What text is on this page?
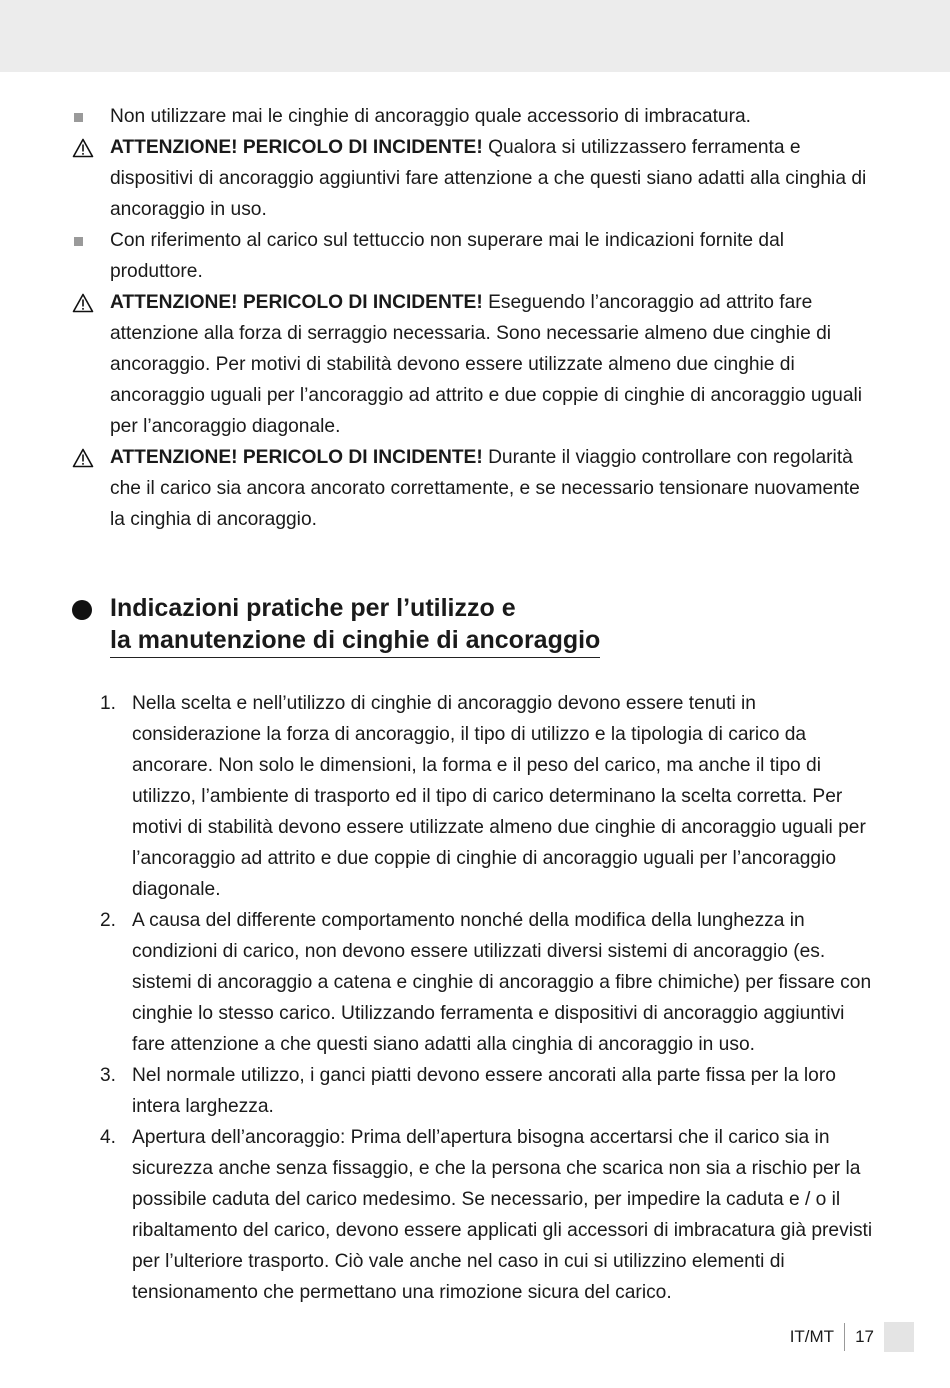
Non utilizzare mai le cinghie di ancoraggio quale accessorio di imbracatura.
ATTENZIONE! PERICOLO DI INCIDENTE! Qualora si utilizzassero ferramenta e dispositivi di ancoraggio aggiuntivi fare attenzione a che questi siano adatti alla cinghia di ancoraggio in uso.
Con riferimento al carico sul tettuccio non superare mai le indicazioni fornite dal produttore.
ATTENZIONE! PERICOLO DI INCIDENTE! Eseguendo l’ancoraggio ad attrito fare attenzione alla forza di serraggio necessaria. Sono necessarie almeno due cinghie di ancoraggio. Per motivi di stabilità devono essere utilizzate almeno due cinghie di ancoraggio uguali per l’ancoraggio ad attrito e due coppie di cinghie di ancoraggio uguali per l’ancoraggio diagonale.
ATTENZIONE! PERICOLO DI INCIDENTE! Durante il viaggio controllare con regolarità che il carico sia ancora ancorato correttamente, e se necessario tensionare nuovamente la cinghia di ancoraggio.
Indicazioni pratiche per l’utilizzo e
la manutenzione di cinghie di ancoraggio
1. Nella scelta e nell’utilizzo di cinghie di ancoraggio devono essere tenuti in considerazione la forza di ancoraggio, il tipo di utilizzo e la tipologia di carico da ancorare. Non solo le dimensioni, la forma e il peso del carico, ma anche il tipo di utilizzo, l’ambiente di trasporto ed il tipo di carico determinano la scelta corretta. Per motivi di stabilità devono essere utilizzate almeno due cinghie di ancoraggio uguali per l’ancoraggio ad attrito e due coppie di cinghie di ancoraggio uguali per l’ancoraggio diagonale.
2. A causa del differente comportamento nonché della modifica della lunghezza in condizioni di carico, non devono essere utilizzati diversi sistemi di ancoraggio (es. sistemi di ancoraggio a catena e cinghie di ancoraggio a fibre chimiche) per fissare con cinghie lo stesso carico. Utilizzando ferramenta e dispositivi di ancoraggio aggiuntivi fare attenzione a che questi siano adatti alla cinghia di ancoraggio in uso.
3. Nel normale utilizzo, i ganci piatti devono essere ancorati alla parte fissa per la loro intera larghezza.
4. Apertura dell’ancoraggio: Prima dell’apertura bisogna accertarsi che il carico sia in sicurezza anche senza fissaggio, e che la persona che scarica non sia a rischio per la possibile caduta del carico medesimo. Se necessario, per impedire la caduta e / o il ribaltamento del carico, devono essere applicati gli accessori di imbracatura già previsti per l’ulteriore trasporto. Ciò vale anche nel caso in cui si utilizzino elementi di tensionamento che permettano una rimozione sicura del carico.
IT/MT	17
